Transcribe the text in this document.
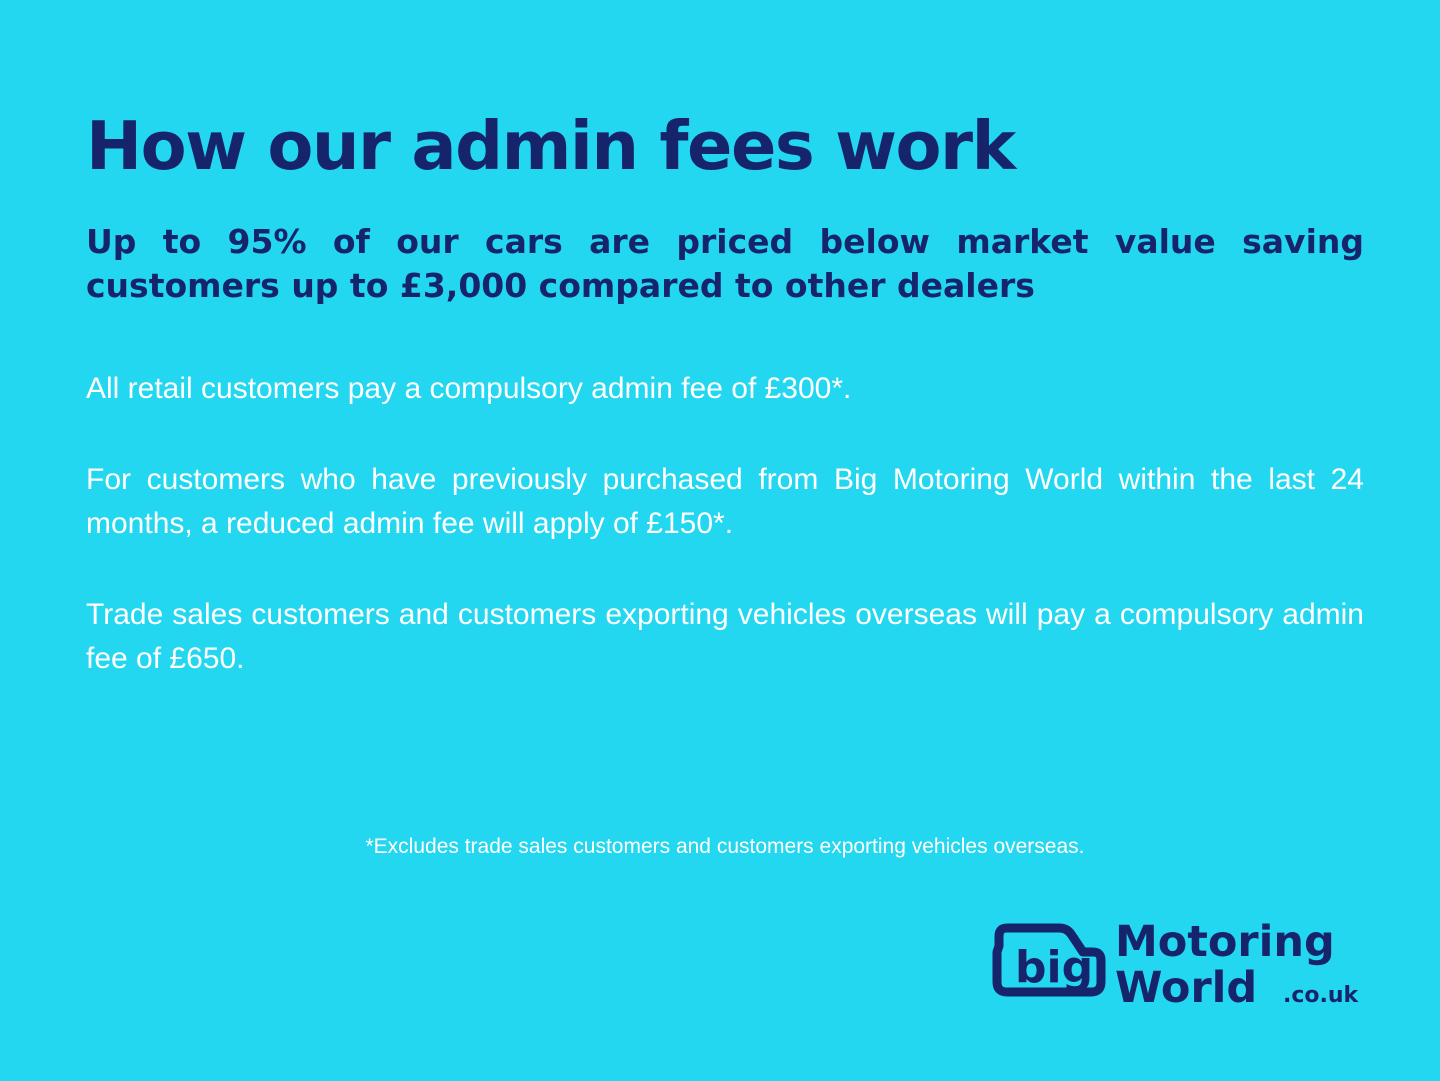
How our admin fees work

Up to 95% of our cars are priced below market value saving customers up to £3,000 compared to other dealers

All retail customers pay a compulsory admin fee of £300*.

For customers who have previously purchased from Big Motoring World within the last 24 months, a reduced admin fee will apply of £150*.

Trade sales customers and customers exporting vehicles overseas will pay a compulsory admin fee of £650.

*Excludes trade sales customers and customers exporting vehicles overseas.
big Motoring
World .co.uk
